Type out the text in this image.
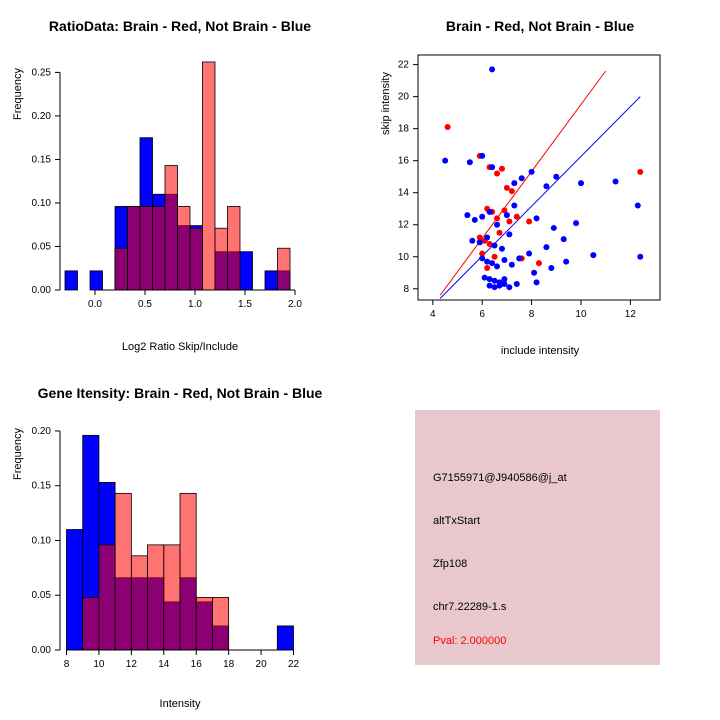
RatioData: Brain - Red, Not Brain - Blue
Frequency
Log2 Ratio Skip/Include
0.0	0.5	1.0	1.5	2.0
0.00
0.05
0.10
0.15
0.20
0.25
Brain - Red, Not Brain - Blue
skip intensity
include intensity
4	6	8	10	12
8
10
12
14
16
18
20
22
Gene Itensity: Brain - Red, Not Brain - Blue
Frequency
Intensity
8 10 12 14 16 18 20 22
0.00
0.05
0.10
0.15
0.20
G7155971@J940586@j_at
altTxStart
Zfp108
chr7.22289-1.s
Pval: 2.000000
